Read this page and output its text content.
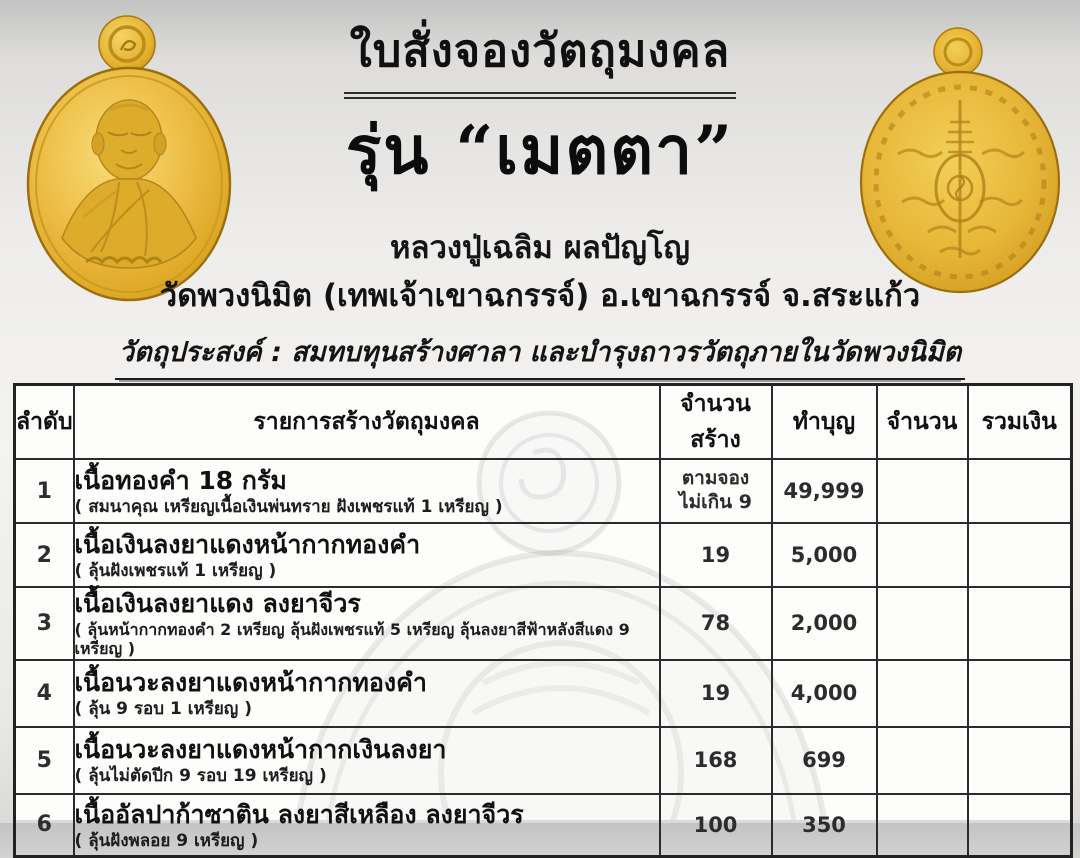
ใบสั่งจองวัตถุมงคล
รุ่น “เมตตา”
หลวงปู่เฉลิม ผลปัญโญ
วัดพวงนิมิต (เทพเจ้าเขาฉกรรจ์) อ.เขาฉกรรจ์ จ.สระแก้ว
วัตถุประสงค์ : สมทบทุนสร้างศาลา และบำรุงถาวรวัตถุภายในวัดพวงนิมิต
ลำดับ	รายการสร้างวัตถุมงคล	จำนวนสร้าง	ทำบุญ	จำนวน	รวมเงิน
1	เนื้อทองคำ 18 กรัม
( สมนาคุณ เหรียญเนื้อเงินพ่นทราย ฝังเพชรแท้ 1 เหรียญ )	ตามจอง
ไม่เกิน 9	49,999		
2	เนื้อเงินลงยาแดงหน้ากากทองคำ
( ลุ้นฝังเพชรแท้ 1 เหรียญ )	19	5,000		
3	เนื้อเงินลงยาแดง ลงยาจีวร
( ลุ้นหน้ากากทองคำ 2 เหรียญ ลุ้นฝังเพชรแท้ 5 เหรียญ ลุ้นลงยาสีฟ้าหลังสีแดง 9 เหรียญ )	78	2,000		
4	เนื้อนวะลงยาแดงหน้ากากทองคำ
( ลุ้น 9 รอบ 1 เหรียญ )	19	4,000		
5	เนื้อนวะลงยาแดงหน้ากากเงินลงยา
( ลุ้นไม่ตัดปีก 9 รอบ 19 เหรียญ )	168	699		
6	เนื้ออัลปาก้าซาติน ลงยาสีเหลือง ลงยาจีวร
( ลุ้นฝังพลอย 9 เหรียญ )	100	350		
